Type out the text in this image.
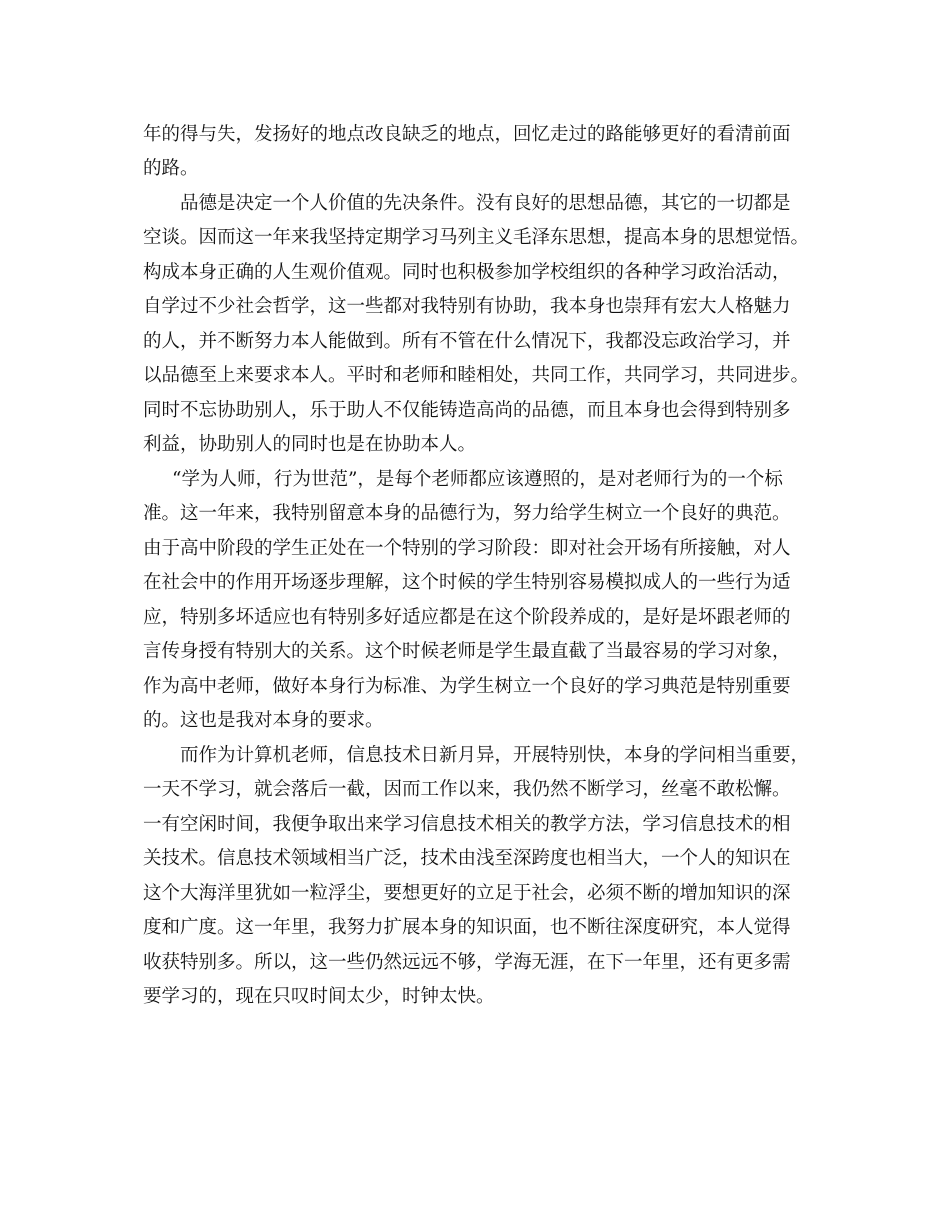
年的得与失，发扬好的地点改良缺乏的地点，回忆走过的路能够更好的看清前面
的路。
品德是决定一个人价值的先决条件。没有良好的思想品德，其它的一切都是
空谈。因而这一年来我坚持定期学习马列主义毛泽东思想，提高本身的思想觉悟。
构成本身正确的人生观价值观。同时也积极参加学校组织的各种学习政治活动，
自学过不少社会哲学，这一些都对我特别有协助，我本身也崇拜有宏大人格魅力
的人，并不断努力本人能做到。所有不管在什么情况下，我都没忘政治学习，并
以品德至上来要求本人。平时和老师和睦相处，共同工作，共同学习，共同进步。
同时不忘协助别人，乐于助人不仅能铸造高尚的品德，而且本身也会得到特别多
利益，协助别人的同时也是在协助本人。
“学为人师，行为世范”，是每个老师都应该遵照的，是对老师行为的一个标
准。这一年来，我特别留意本身的品德行为，努力给学生树立一个良好的典范。
由于高中阶段的学生正处在一个特别的学习阶段：即对社会开场有所接触，对人
在社会中的作用开场逐步理解，这个时候的学生特别容易模拟成人的一些行为适
应，特别多坏适应也有特别多好适应都是在这个阶段养成的，是好是坏跟老师的
言传身授有特别大的关系。这个时候老师是学生最直截了当最容易的学习对象，
作为高中老师，做好本身行为标准、为学生树立一个良好的学习典范是特别重要
的。这也是我对本身的要求。
而作为计算机老师，信息技术日新月异，开展特别快，本身的学问相当重要，
一天不学习，就会落后一截，因而工作以来，我仍然不断学习，丝毫不敢松懈。
一有空闲时间，我便争取出来学习信息技术相关的教学方法，学习信息技术的相
关技术。信息技术领域相当广泛，技术由浅至深跨度也相当大，一个人的知识在
这个大海洋里犹如一粒浮尘，要想更好的立足于社会，必须不断的增加知识的深
度和广度。这一年里，我努力扩展本身的知识面，也不断往深度研究，本人觉得
收获特别多。所以，这一些仍然远远不够，学海无涯，在下一年里，还有更多需
要学习的，现在只叹时间太少，时钟太快。
